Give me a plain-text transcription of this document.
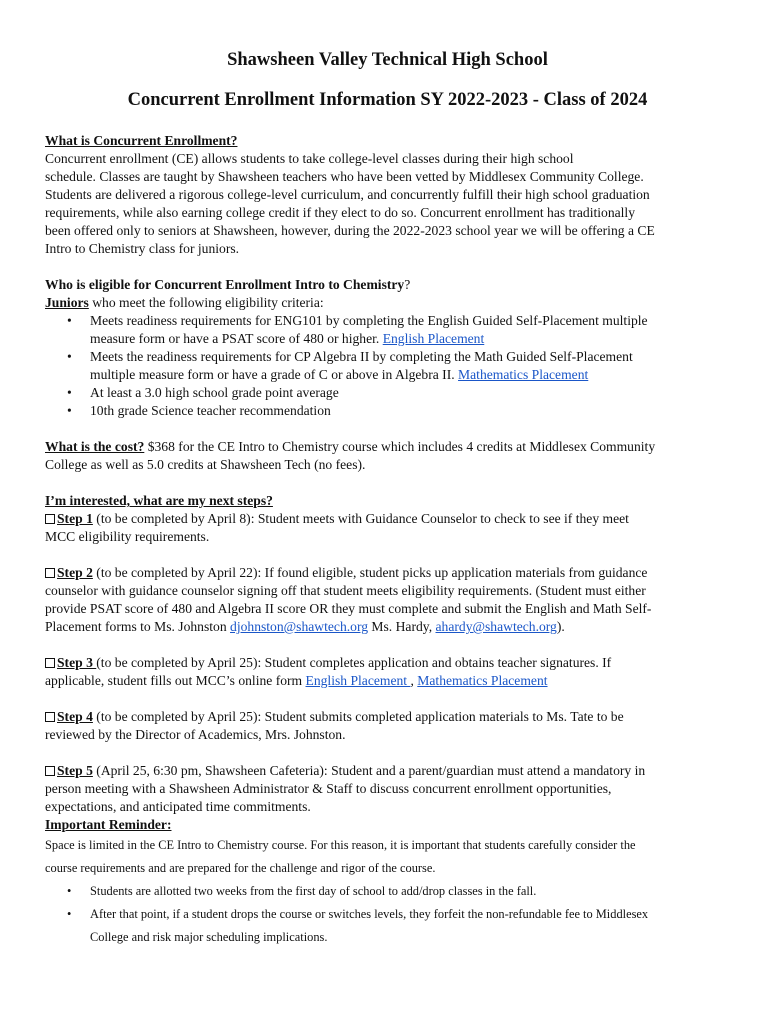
Shawsheen Valley Technical High School
Concurrent Enrollment Information SY 2022-2023 - Class of 2024

What is Concurrent Enrollment?

Concurrent enrollment (CE) allows students to take college-level classes during their high school

schedule. Classes are taught by Shawsheen teachers who have been vetted by Middlesex Community College.

Students are delivered a rigorous college-level curriculum, and concurrently fulfill their high school graduation

requirements, while also earning college credit if they elect to do so. Concurrent enrollment has traditionally

been offered only to seniors at Shawsheen, however, during the 2022-2023 school year we will be offering a CE

Intro to Chemistry class for juniors.

Who is eligible for Concurrent Enrollment Intro to Chemistry?

Juniors who meet the following eligibility criteria:

• Meets readiness requirements for ENG101 by completing the English Guided Self-Placement multiple
measure form or have a PSAT score of 480 or higher. English Placement
• Meets the readiness requirements for CP Algebra II by completing the Math Guided Self-Placement
multiple measure form or have a grade of C or above in Algebra II. Mathematics Placement
• At least a 3.0 high school grade point average
• 10th grade Science teacher recommendation

What is the cost? $368 for the CE Intro to Chemistry course which includes 4 credits at Middlesex Community

College as well as 5.0 credits at Shawsheen Tech (no fees).

I’m interested, what are my next steps?

Step 1 (to be completed by April 8): Student meets with Guidance Counselor to check to see if they meet

MCC eligibility requirements.

Step 2 (to be completed by April 22): If found eligible, student picks up application materials from guidance

counselor with guidance counselor signing off that student meets eligibility requirements. (Student must either

provide PSAT score of 480 and Algebra II score OR they must complete and submit the English and Math Self-

Placement forms to Ms. Johnston djohnston@shawtech.org Ms. Hardy, ahardy@shawtech.org).

Step 3 (to be completed by April 25): Student completes application and obtains teacher signatures. If

applicable, student fills out MCC’s online form English Placement , Mathematics Placement

Step 4 (to be completed by April 25): Student submits completed application materials to Ms. Tate to be

reviewed by the Director of Academics, Mrs. Johnston.

Step 5 (April 25, 6:30 pm, Shawsheen Cafeteria): Student and a parent/guardian must attend a mandatory in

person meeting with a Shawsheen Administrator & Staff to discuss concurrent enrollment opportunities,

expectations, and anticipated time commitments.

Important Reminder:

Space is limited in the CE Intro to Chemistry course. For this reason, it is important that students carefully consider the

course requirements and are prepared for the challenge and rigor of the course.

• Students are allotted two weeks from the first day of school to add/drop classes in the fall.
• After that point, if a student drops the course or switches levels, they forfeit the non-refundable fee to Middlesex
College and risk major scheduling implications.
